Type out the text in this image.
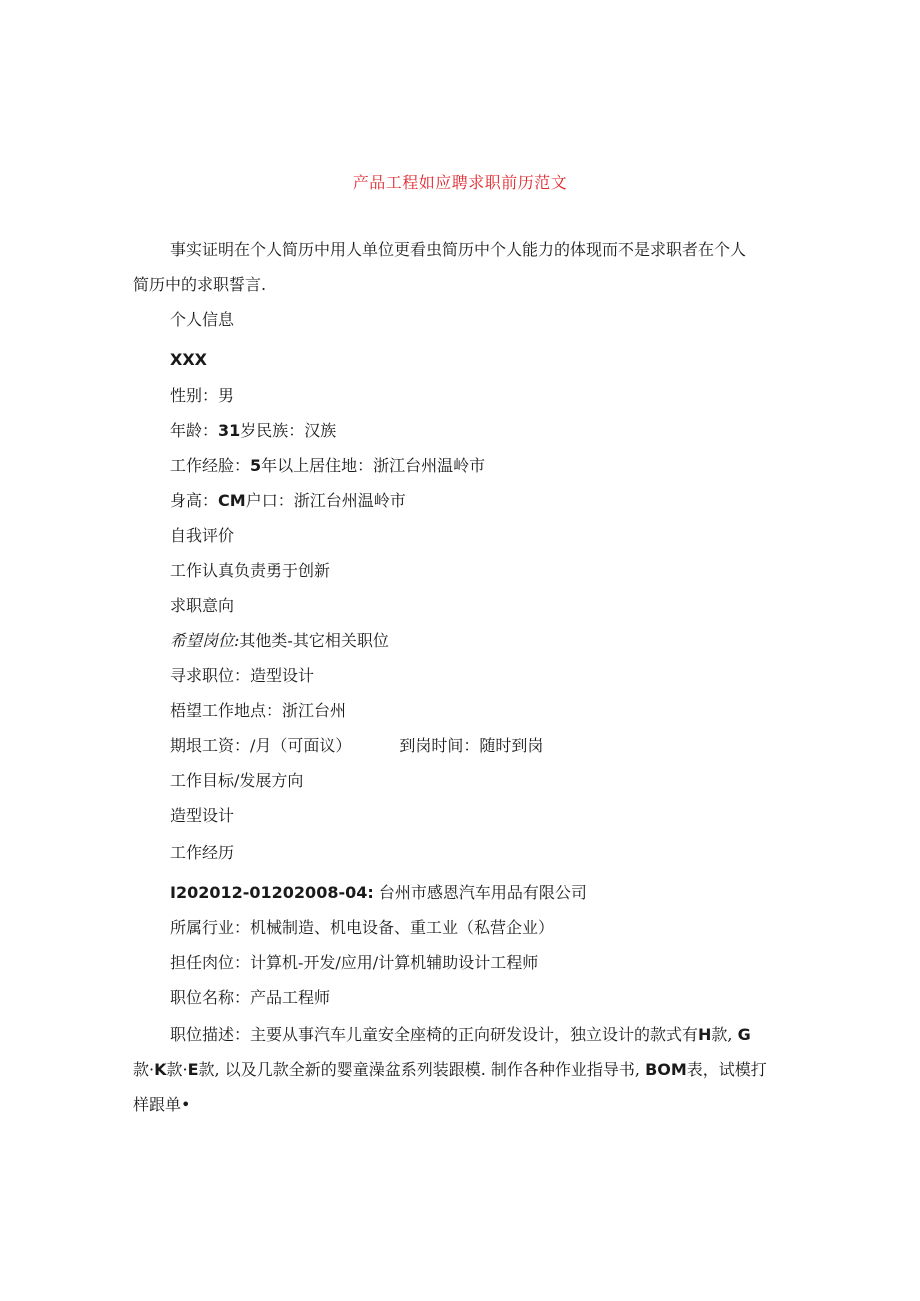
产品工程如应聘求职前历范文
事实证明在个人简历中用人单位更看虫简历中个人能力的体现而不是求职者在个人
简历中的求职誓言.
个人信息
XXX
性别：男
年龄：31岁民族：汉族
工作经脸：5年以上居住地：浙江台州温岭市
身高：CM户口：浙江台州温岭市
自我评价
工作认真负责勇于创新
求职意向
希望岗位:其他类-其它相关职位
寻求职位：造型设计
梧望工作地点：浙江台州
期垠工资：/月（可面议）	到岗时间：随时到岗
工作目标/发展方向
造型设计
工作经历
I202012-01202008-04: 台州市感恩汽车用品有限公司
所属行业：机械制造、机电设备、重工业（私营企业）
担任肉位：计算机-开发/应用/计算机辅助设计工程师
职位名称：产品工程师
职位描述：主要从事汽车儿童安全座椅的正向研发设计，独立设计的款式有H款, G
款·K款·E款, 以及几款全新的婴童澡盆系列装跟模. 制作各种作业指导书, BOM表，试模打
样跟单•
